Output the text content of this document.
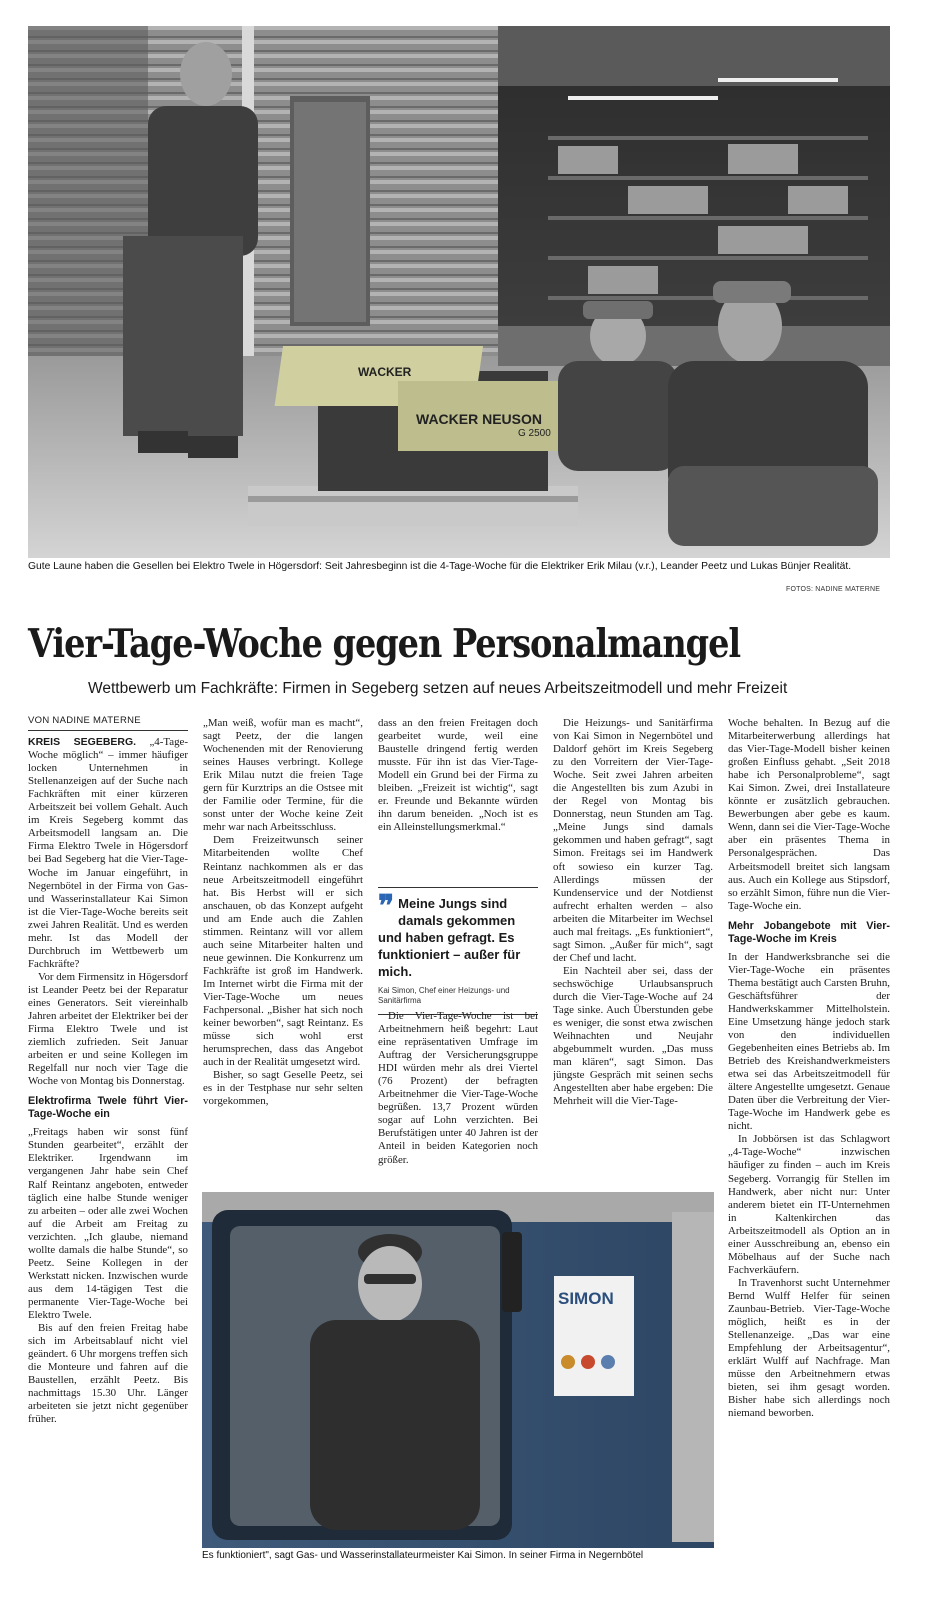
WACKER NEUSON
WACKER
G 2500
Gute Laune haben die Gesellen bei Elektro Twele in Högersdorf: Seit Jahresbeginn ist die 4-Tage-Woche für die Elektriker Erik Milau (v.r.), Leander Peetz und Lukas Bünjer Realität.
FOTOS: NADINE MATERNE
Vier-Tage-Woche gegen Personalmangel
Wettbewerb um Fachkräfte: Firmen in Segeberg setzen auf neues Arbeitszeitmodell und mehr Freizeit
VON NADINE MATERNE

KREIS SEGEBERG. „4-Tage-Woche möglich“ – immer häufiger locken Unternehmen in Stellenanzeigen auf der Suche nach Fachkräften mit einer kürzeren Arbeitszeit bei vollem Gehalt. Auch im Kreis Segeberg kommt das Arbeitsmodell langsam an. Die Firma Elektro Twele in Högersdorf bei Bad Segeberg hat die Vier-Tage-Woche im Januar eingeführt, in Negernbötel in der Firma von Gas- und Wasserinstallateur Kai Simon ist die Vier-Tage-Woche bereits seit zwei Jahren Realität. Und es werden mehr. Ist das Modell der Durchbruch im Wettbewerb um Fachkräfte?

Vor dem Firmensitz in Högersdorf ist Leander Peetz bei der Reparatur eines Generators. Seit viereinhalb Jahren arbeitet der Elektriker bei der Firma Elektro Twele und ist ziemlich zufrieden. Seit Januar arbeiten er und seine Kollegen im Regelfall nur noch vier Tage die Woche von Montag bis Donnerstag.

Elektrofirma Twele führt Vier-Tage-Woche ein

„Freitags haben wir sonst fünf Stunden gearbeitet“, erzählt der Elektriker. Irgendwann im vergangenen Jahr habe sein Chef Ralf Reintanz angeboten, entweder täglich eine halbe Stunde weniger zu arbeiten – oder alle zwei Wochen auf die Arbeit am Freitag zu verzichten. „Ich glaube, niemand wollte damals die halbe Stunde“, so Peetz. Seine Kollegen in der Werkstatt nicken. Inzwischen wurde aus dem 14-tägigen Test die permanente Vier-Tage-Woche bei Elektro Twele.

Bis auf den freien Freitag habe sich im Arbeitsablauf nicht viel geändert. 6 Uhr morgens treffen sich die Monteure und fahren auf die Baustellen, erzählt Peetz. Bis nachmittags 15.30 Uhr. Länger arbeiteten sie jetzt nicht gegenüber früher.

„Man weiß, wofür man es macht“, sagt Peetz, der die langen Wochenenden mit der Renovierung seines Hauses verbringt. Kollege Erik Milau nutzt die freien Tage gern für Kurztrips an die Ostsee mit der Familie oder Termine, für die sonst unter der Woche keine Zeit mehr war nach Arbeitsschluss.

Dem Freizeitwunsch seiner Mitarbeitenden wollte Chef Reintanz nachkommen als er das neue Arbeitszeitmodell eingeführt hat. Bis Herbst will er sich anschauen, ob das Konzept aufgeht und am Ende auch die Zahlen stimmen. Reintanz will vor allem auch seine Mitarbeiter halten und neue gewinnen. Die Konkurrenz um Fachkräfte ist groß im Handwerk. Im Internet wirbt die Firma mit der Vier-Tage-Woche um neues Fachpersonal. „Bisher hat sich noch keiner beworben“, sagt Reintanz. Es müsse sich wohl erst herumsprechen, dass das Angebot auch in der Realität umgesetzt wird.

Bisher, so sagt Geselle Peetz, sei es in der Testphase nur sehr selten vorgekommen,

dass an den freien Freitagen doch gearbeitet wurde, weil eine Baustelle dringend fertig werden musste. Für ihn ist das Vier-Tage-Modell ein Grund bei der Firma zu bleiben. „Freizeit ist wichtig“, sagt er. Freunde und Bekannte würden ihn darum beneiden. „Noch ist es ein Alleinstellungsmerkmal.“

❞ Meine Jungs sind damals gekommen und haben gefragt. Es funktioniert – außer für mich.
Kai Simon, Chef einer Heizungs- und Sanitärfirma

Die Vier-Tage-Woche ist bei Arbeitnehmern heiß begehrt: Laut eine repräsentativen Umfrage im Auftrag der Versicherungsgruppe HDI würden mehr als drei Viertel (76 Prozent) der befragten Arbeitnehmer die Vier-Tage-Woche begrüßen. 13,7 Prozent würden sogar auf Lohn verzichten. Bei Berufstätigen unter 40 Jahren ist der Anteil in beiden Kategorien noch größer.

Die Heizungs- und Sanitärfirma von Kai Simon in Negernbötel und Daldorf gehört im Kreis Segeberg zu den Vorreitern der Vier-Tage-Woche. Seit zwei Jahren arbeiten die Angestellten bis zum Azubi in der Regel von Montag bis Donnerstag, neun Stunden am Tag. „Meine Jungs sind damals gekommen und haben gefragt“, sagt Simon. Freitags sei im Handwerk oft sowieso ein kurzer Tag. Allerdings müssen der Kundenservice und der Notdienst aufrecht erhalten werden – also arbeiten die Mitarbeiter im Wechsel auch mal freitags. „Es funktioniert“, sagt Simon. „Außer für mich“, sagt der Chef und lacht.

Ein Nachteil aber sei, dass der sechswöchige Urlaubsanspruch durch die Vier-Tage-Woche auf 24 Tage sinke. Auch Überstunden gebe es weniger, die sonst etwa zwischen Weihnachten und Neujahr abgebummelt wurden. „Das muss man klären“, sagt Simon. Das jüngste Gespräch mit seinen sechs Angestellten aber habe ergeben: Die Mehrheit will die Vier-Tage-

Woche behalten. In Bezug auf die Mitarbeiterwerbung allerdings hat das Vier-Tage-Modell bisher keinen großen Einfluss gehabt. „Seit 2018 habe ich Personalprobleme“, sagt Kai Simon. Zwei, drei Installateure könnte er zusätzlich gebrauchen. Bewerbungen aber gebe es kaum. Wenn, dann sei die Vier-Tage-Woche aber ein präsentes Thema in Personalgesprächen. Das Arbeitsmodell breitet sich langsam aus. Auch ein Kollege aus Stipsdorf, so erzählt Simon, führe nun die Vier-Tage-Woche ein.

Mehr Jobangebote mit Vier-Tage-Woche im Kreis

In der Handwerksbranche sei die Vier-Tage-Woche ein präsentes Thema bestätigt auch Carsten Bruhn, Geschäftsführer der Handwerkskammer Mittelholstein. Eine Umsetzung hänge jedoch stark von den individuellen Gegebenheiten eines Betriebs ab. Im Betrieb des Kreishandwerkmeisters etwa sei das Arbeitszeitmodell für ältere Angestellte umgesetzt. Genaue Daten über die Verbreitung der Vier-Tage-Woche im Handwerk gebe es nicht.

In Jobbörsen ist das Schlagwort „4-Tage-Woche“ inzwischen häufiger zu finden – auch im Kreis Segeberg. Vorrangig für Stellen im Handwerk, aber nicht nur: Unter anderem bietet ein IT-Unternehmen in Kaltenkirchen das Arbeitszeitmodell als Option an in einer Ausschreibung an, ebenso ein Möbelhaus auf der Suche nach Fachverkäufern.

In Travenhorst sucht Unternehmer Bernd Wulff Helfer für seinen Zaunbau-Betrieb. Vier-Tage-Woche möglich, heißt es in der Stellenanzeige. „Das war eine Empfehlung der Arbeitsagentur“, erklärt Wulff auf Nachfrage. Man müsse den Arbeitnehmern etwas bieten, sei ihm gesagt worden. Bisher habe sich allerdings noch niemand beworben.

SIMON
Es funktioniert", sagt Gas- und Wasserinstallateurmeister Kai Simon. In seiner Firma in Negernbötel
